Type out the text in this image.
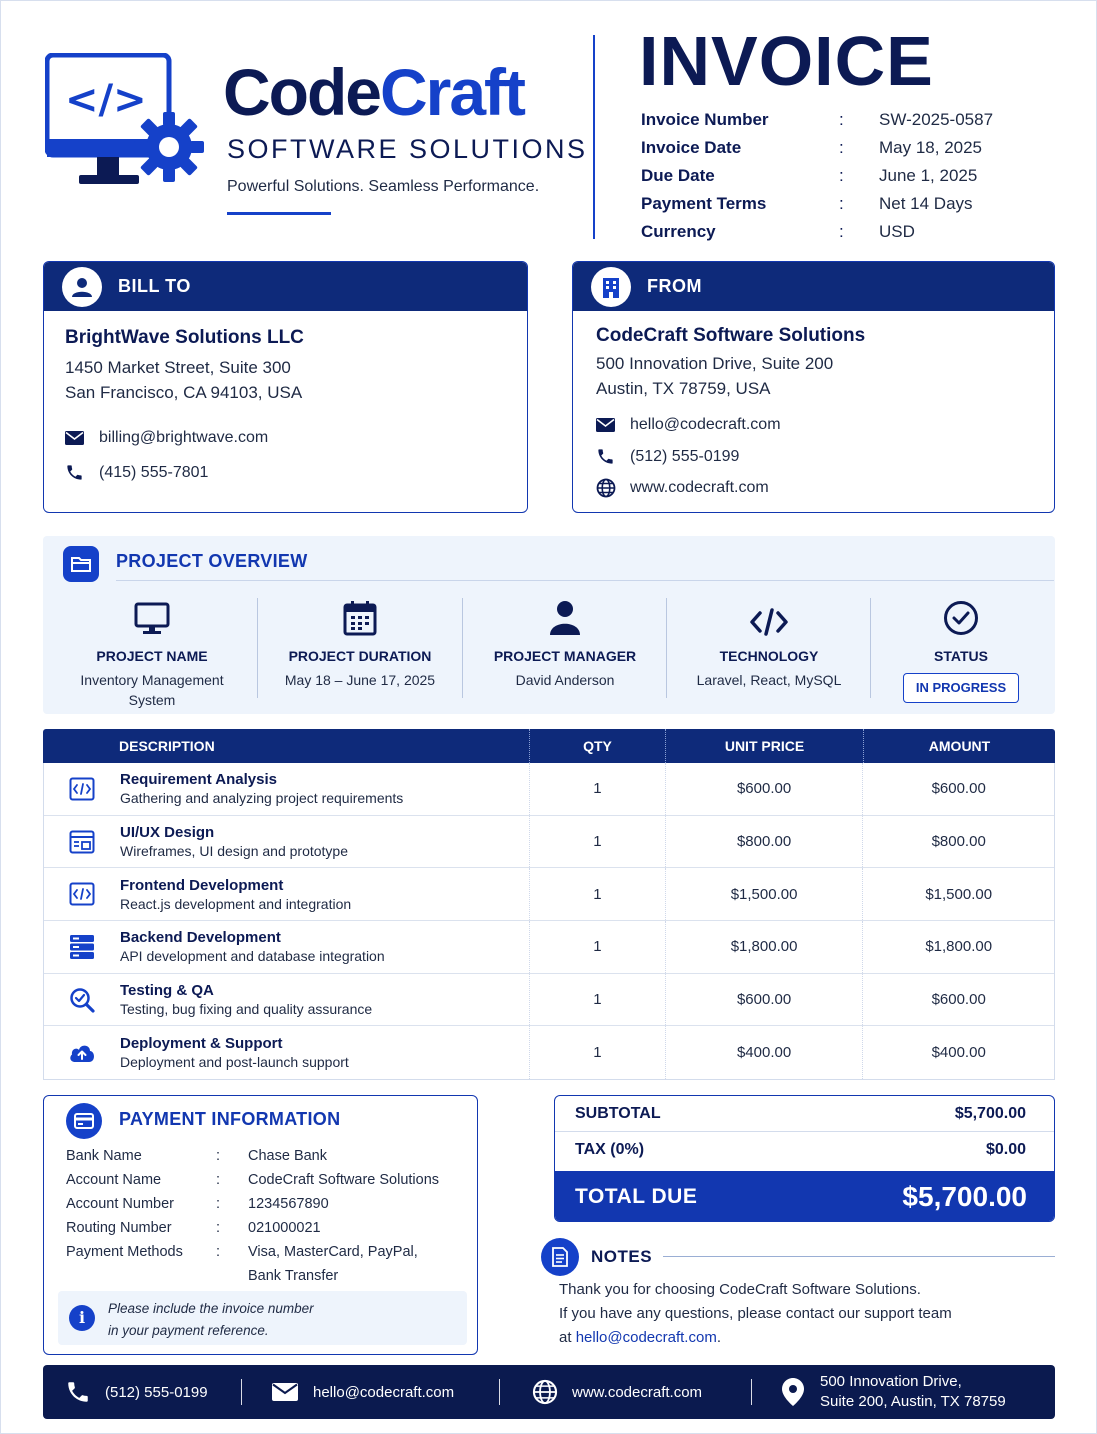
</> CodeCraft
SOFTWARE SOLUTIONS
Powerful Solutions. Seamless Performance.
INVOICE
Invoice Number	:	SW-2025-0587
Invoice Date	:	May 18, 2025
Due Date	:	June 1, 2025
Payment Terms	:	Net 14 Days
Currency	:	USD
BILL TO
BrightWave Solutions LLC
1450 Market Street, Suite 300
San Francisco, CA 94103, USA
billing@brightwave.com
(415) 555-7801
FROM
CodeCraft Software Solutions
500 Innovation Drive, Suite 200
Austin, TX 78759, USA
hello@codecraft.com
(512) 555-0199
www.codecraft.com
PROJECT OVERVIEW
PROJECT NAME
Inventory Management System
PROJECT DURATION
May 18 – June 17, 2025
PROJECT MANAGER
David Anderson
TECHNOLOGY
Laravel, React, MySQL
STATUS
IN PROGRESS
DESCRIPTION	QTY	UNIT PRICE	AMOUNT
Requirement Analysis
Gathering and analyzing project requirements
1	$600.00	$600.00
UI/UX Design
Wireframes, UI design and prototype
1	$800.00	$800.00
Frontend Development
React.js development and integration
1	$1,500.00	$1,500.00
Backend Development
API development and database integration
1	$1,800.00	$1,800.00
Testing & QA
Testing, bug fixing and quality assurance
1	$600.00	$600.00
Deployment & Support
Deployment and post-launch support
1	$400.00	$400.00
PAYMENT INFORMATION
Bank Name	:	Chase Bank
Account Name	:	CodeCraft Software Solutions
Account Number	:	1234567890
Routing Number	:	021000021
Payment Methods	:	Visa, MasterCard, PayPal,
Bank Transfer
i	Please include the invoice number
in your payment reference.
SUBTOTAL	$5,700.00
TAX (0%)	$0.00
TOTAL DUE	$5,700.00
NOTES
Thank you for choosing CodeCraft Software Solutions.
If you have any questions, please contact our support team
at hello@codecraft.com.
(512) 555-0199	hello@codecraft.com	www.codecraft.com
500 Innovation Drive,
Suite 200, Austin, TX 78759
